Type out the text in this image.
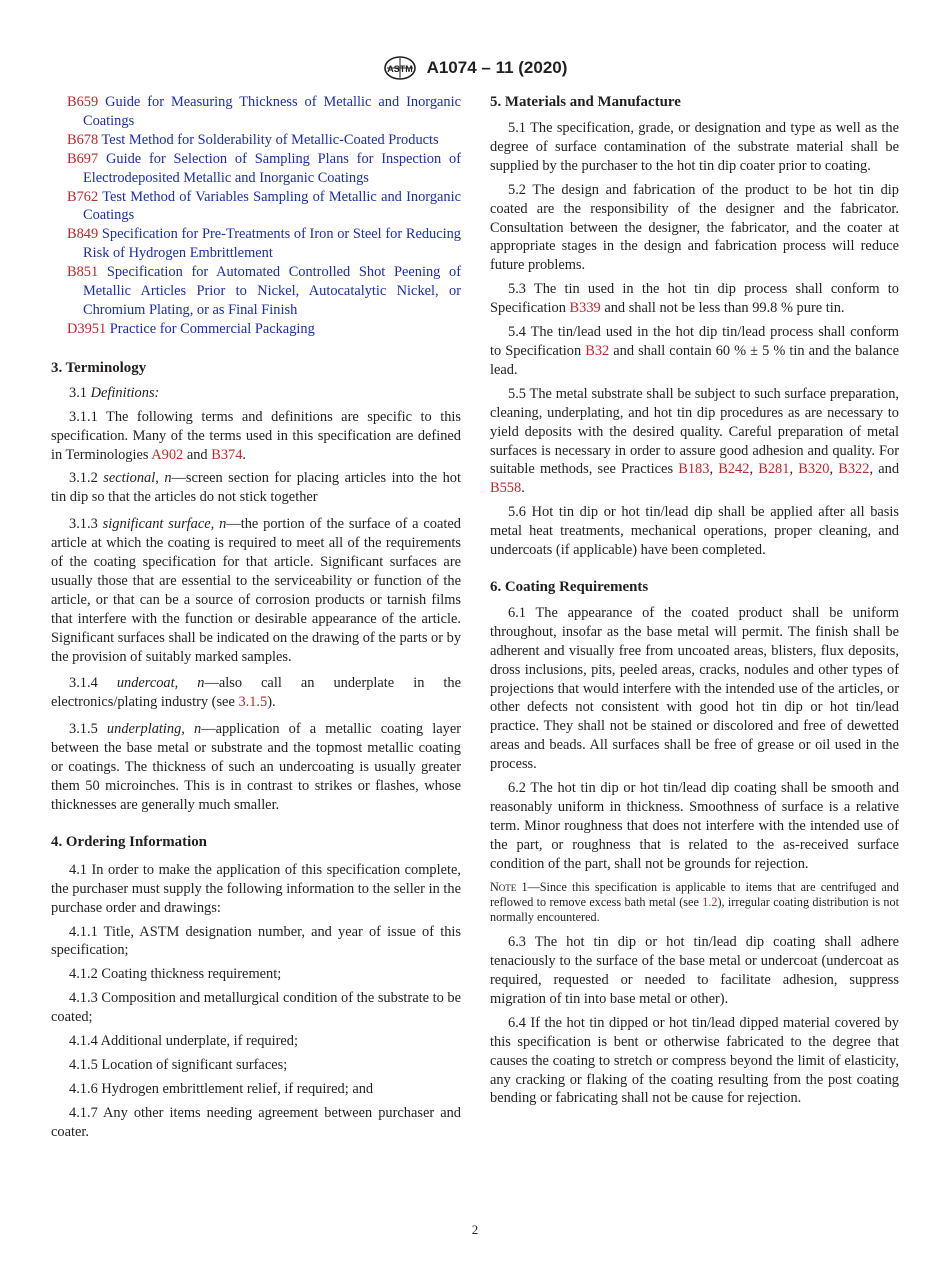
ASTM A1074 – 11 (2020)

B659 Guide for Measuring Thickness of Metallic and Inorganic Coatings

B678 Test Method for Solderability of Metallic-Coated Products

B697 Guide for Selection of Sampling Plans for Inspection of Electrodeposited Metallic and Inorganic Coatings

B762 Test Method of Variables Sampling of Metallic and Inorganic Coatings

B849 Specification for Pre-Treatments of Iron or Steel for Reducing Risk of Hydrogen Embrittlement

B851 Specification for Automated Controlled Shot Peening of Metallic Articles Prior to Nickel, Autocatalytic Nickel, or Chromium Plating, or as Final Finish

D3951 Practice for Commercial Packaging

3. Terminology

3.1 Definitions:

3.1.1 The following terms and definitions are specific to this specification. Many of the terms used in this specification are defined in Terminologies A902 and B374.

3.1.2 sectional, n—screen section for placing articles into the hot tin dip so that the articles do not stick together

3.1.3 significant surface, n—the portion of the surface of a coated article at which the coating is required to meet all of the requirements of the coating specification for that article. Significant surfaces are usually those that are essential to the serviceability or function of the article, or that can be a source of corrosion products or tarnish films that interfere with the function or desirable appearance of the article. Significant surfaces shall be indicated on the drawing of the parts or by the provision of suitably marked samples.

3.1.4 undercoat, n—also call an underplate in the electronics/plating industry (see 3.1.5).

3.1.5 underplating, n—application of a metallic coating layer between the base metal or substrate and the topmost metallic coating or coatings. The thickness of such an undercoating is usually greater them 50 microinches. This is in contrast to strikes or flashes, whose thicknesses are generally much smaller.

4. Ordering Information

4.1 In order to make the application of this specification complete, the purchaser must supply the following information to the seller in the purchase order and drawings:

4.1.1 Title, ASTM designation number, and year of issue of this specification;

4.1.2 Coating thickness requirement;

4.1.3 Composition and metallurgical condition of the substrate to be coated;

4.1.4 Additional underplate, if required;

4.1.5 Location of significant surfaces;

4.1.6 Hydrogen embrittlement relief, if required; and

4.1.7 Any other items needing agreement between purchaser and coater.

5. Materials and Manufacture

5.1 The specification, grade, or designation and type as well as the degree of surface contamination of the substrate material shall be supplied by the purchaser to the hot tin dip coater prior to coating.

5.2 The design and fabrication of the product to be hot tin dip coated are the responsibility of the designer and the fabricator. Consultation between the designer, the fabricator, and the coater at appropriate stages in the design and fabrication process will reduce future problems.

5.3 The tin used in the hot tin dip process shall conform to Specification B339 and shall not be less than 99.8 % pure tin.

5.4 The tin/lead used in the hot dip tin/lead process shall conform to Specification B32 and shall contain 60 % ± 5 % tin and the balance lead.

5.5 The metal substrate shall be subject to such surface preparation, cleaning, underplating, and hot tin dip procedures as are necessary to yield deposits with the desired quality. Careful preparation of metal surfaces is necessary in order to assure good adhesion and quality. For suitable methods, see Practices B183, B242, B281, B320, B322, and B558.

5.6 Hot tin dip or hot tin/lead dip shall be applied after all basis metal heat treatments, mechanical operations, proper cleaning, and undercoats (if applicable) have been completed.

6. Coating Requirements

6.1 The appearance of the coated product shall be uniform throughout, insofar as the base metal will permit. The finish shall be adherent and visually free from uncoated areas, blisters, flux deposits, dross inclusions, pits, peeled areas, cracks, nodules and other types of projections that would interfere with the intended use of the articles, or other defects not consistent with good hot tin dip or hot tin/lead practice. They shall not be stained or discolored and free of dewetted areas and beads. All surfaces shall be free of grease or oil used in the process.

6.2 The hot tin dip or hot tin/lead dip coating shall be smooth and reasonably uniform in thickness. Smoothness of surface is a relative term. Minor roughness that does not interfere with the intended use of the part, or roughness that is related to the as-received surface condition of the part, shall not be grounds for rejection.

Note 1—Since this specification is applicable to items that are centrifuged and reflowed to remove excess bath metal (see 1.2), irregular coating distribution is not normally encountered.

6.3 The hot tin dip or hot tin/lead dip coating shall adhere tenaciously to the surface of the base metal or undercoat (undercoat as required, requested or needed to facilitate adhesion, suppress migration of tin into base metal or other).

6.4 If the hot tin dipped or hot tin/lead dipped material covered by this specification is bent or otherwise fabricated to the degree that causes the coating to stretch or compress beyond the limit of elasticity, any cracking or flaking of the coating resulting from the post coating bending or fabricating shall not be cause for rejection.

2
